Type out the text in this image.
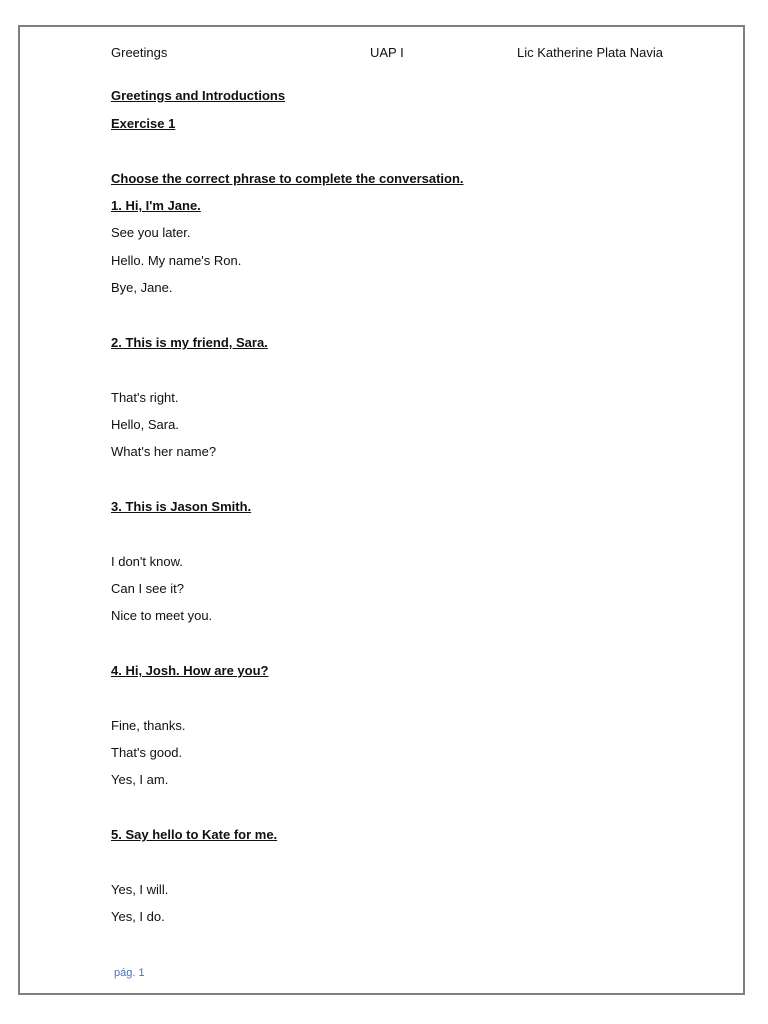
Greetings	UAP I	Lic Katherine Plata Navia
Greetings and Introductions
Exercise 1
Choose the correct phrase to complete the conversation.
1. Hi, I'm Jane.
See you later.
Hello. My name's Ron.
Bye, Jane.
2. This is my friend, Sara.
That's right.
Hello, Sara.
What's her name?
3. This is Jason Smith.
I don't know.
Can I see it?
Nice to meet you.
4. Hi, Josh. How are you?
Fine, thanks.
That's good.
Yes, I am.
5. Say hello to Kate for me.
Yes, I will.
Yes, I do.
pág. 1
